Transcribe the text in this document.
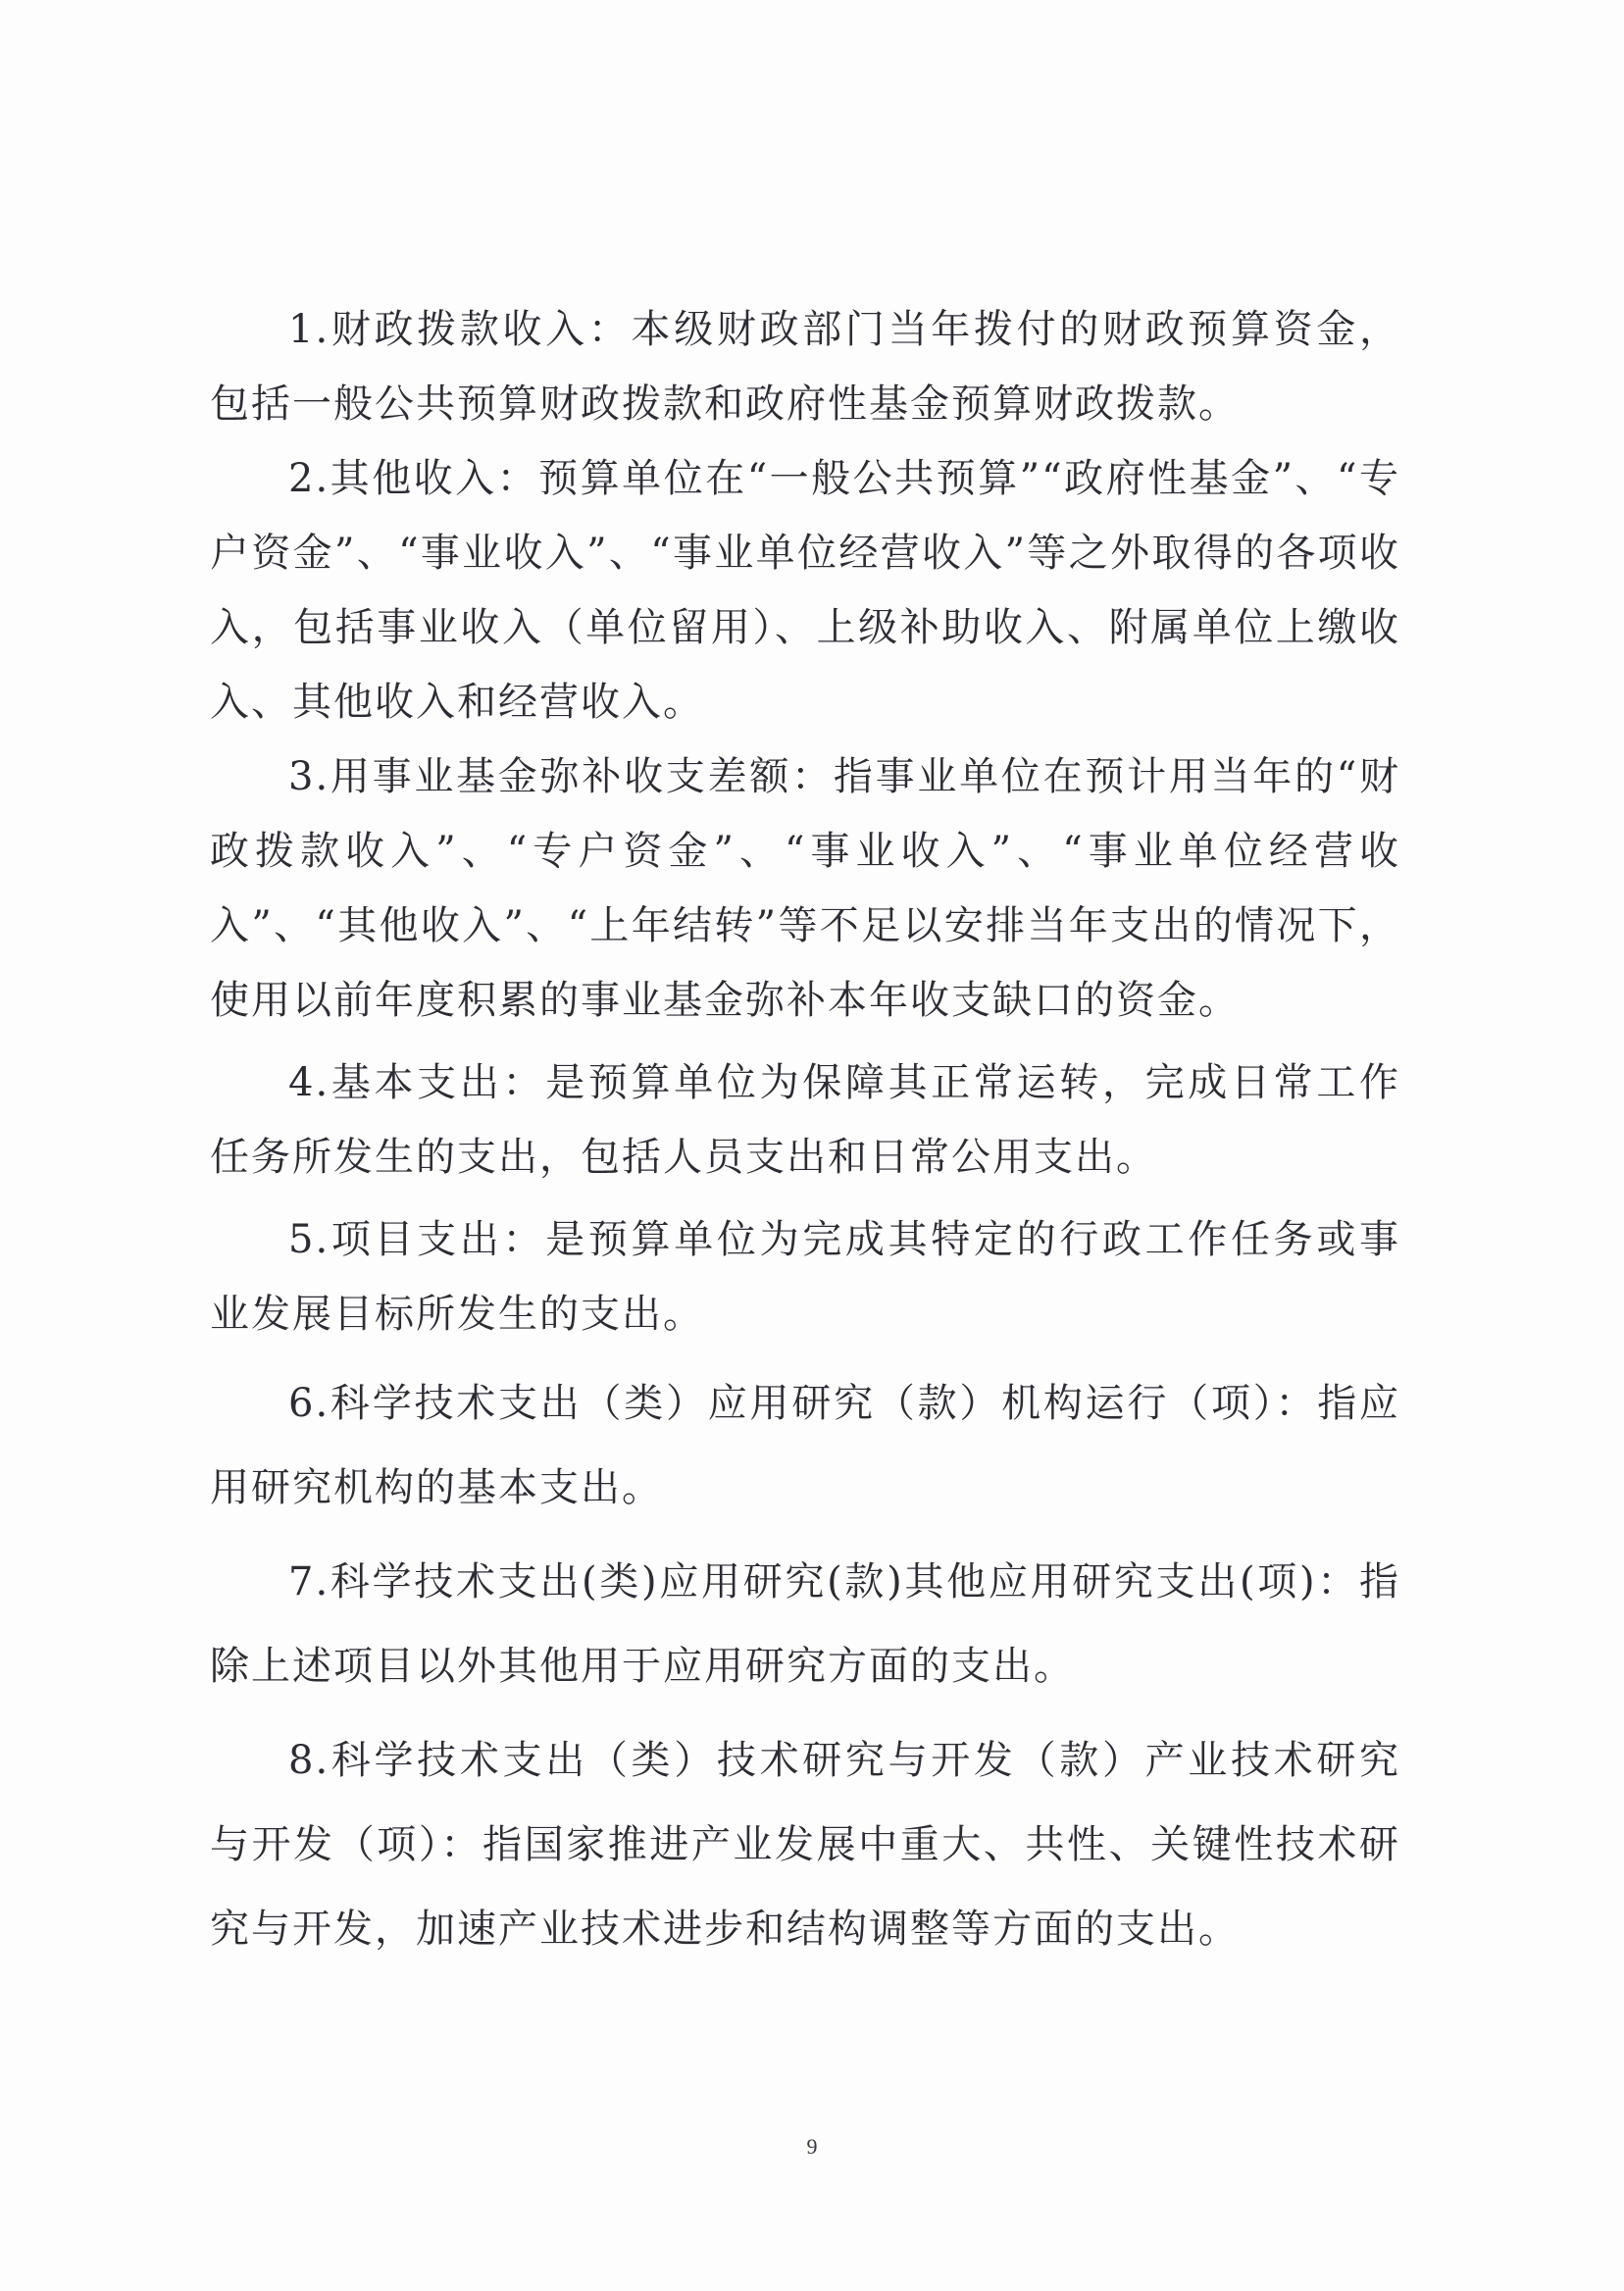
1.财政拨款收入：本级财政部门当年拨付的财政预算资金，包括一般公共预算财政拨款和政府性基金预算财政拨款。

2.其他收入：预算单位在“一般公共预算”“政府性基金”、“专户资金”、“事业收入”、“事业单位经营收入”等之外取得的各项收入，包括事业收入（单位留用）、上级补助收入、附属单位上缴收入、其他收入和经营收入。

3.用事业基金弥补收支差额：指事业单位在预计用当年的“财政拨款收入”、“专户资金”、“事业收入”、“事业单位经营收入”、“其他收入”、“上年结转”等不足以安排当年支出的情况下，使用以前年度积累的事业基金弥补本年收支缺口的资金。

4.基本支出：是预算单位为保障其正常运转，完成日常工作任务所发生的支出，包括人员支出和日常公用支出。

5.项目支出：是预算单位为完成其特定的行政工作任务或事业发展目标所发生的支出。

6.科学技术支出（类）应用研究（款）机构运行（项）：指应用研究机构的基本支出。

7.科学技术支出(类)应用研究(款)其他应用研究支出(项)：指除上述项目以外其他用于应用研究方面的支出。

8.科学技术支出（类）技术研究与开发（款）产业技术研究与开发（项）：指国家推进产业发展中重大、共性、关键性技术研究与开发，加速产业技术进步和结构调整等方面的支出。

9
